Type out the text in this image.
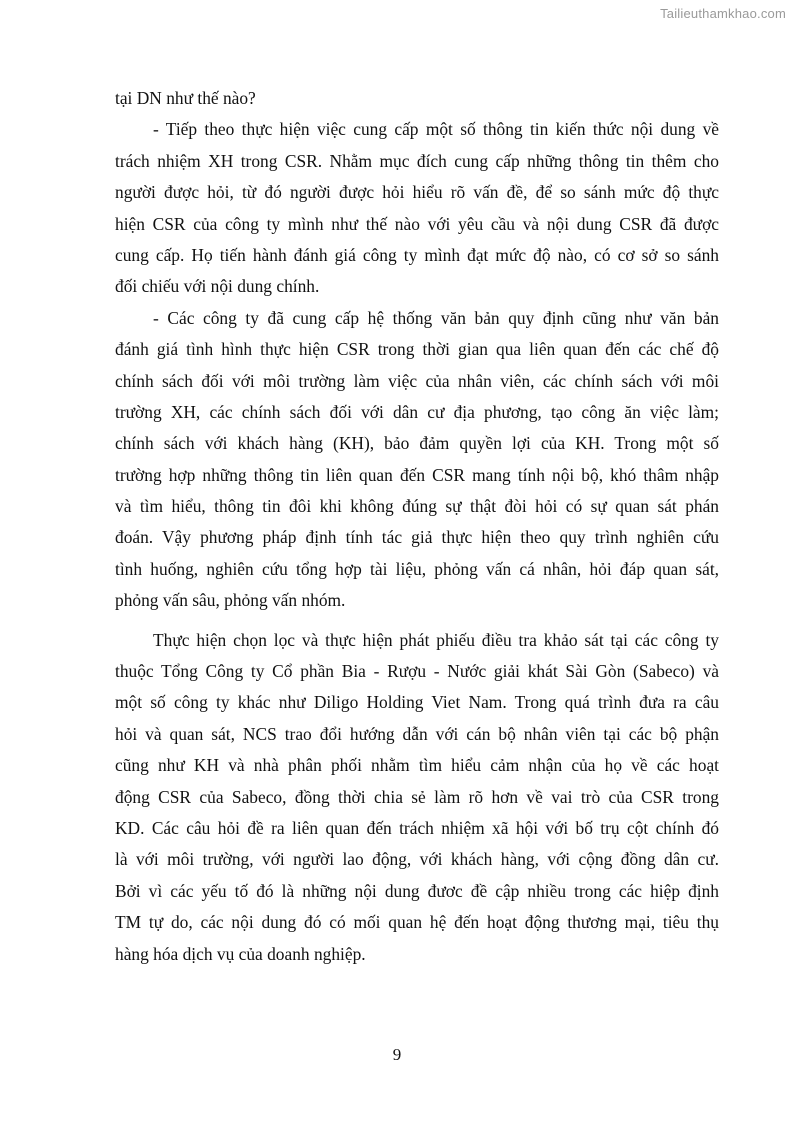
Tailieuthamkhao.com
tại DN như thế nào?
- Tiếp theo thực hiện việc cung cấp một số thông tin kiến thức nội dung về
trách nhiệm XH trong CSR. Nhằm mục đích cung cấp những thông tin thêm cho
người được hỏi, từ đó người được hỏi hiểu rõ vấn đề, để so sánh mức độ thực
hiện CSR của công ty mình như thế nào với yêu cầu và nội dung CSR đã được
cung cấp. Họ tiến hành đánh giá công ty mình đạt mức độ nào, có cơ sở so sánh
đối chiếu với nội dung chính.
- Các công ty đã cung cấp hệ thống văn bản quy định cũng như văn bản
đánh giá tình hình thực hiện CSR trong thời gian qua liên quan đến các chế độ
chính sách đối với môi trường làm việc của nhân viên, các chính sách với môi
trường XH, các chính sách đối với dân cư địa phương, tạo công ăn việc làm;
chính sách với khách hàng (KH), bảo đảm quyền lợi của KH. Trong một số
trường hợp những thông tin liên quan đến CSR mang tính nội bộ, khó thâm nhập
và tìm hiểu, thông tin đôi khi không đúng sự thật đòi hỏi có sự quan sát phán
đoán. Vậy phương pháp định tính tác giả thực hiện theo quy trình nghiên cứu
tình huống, nghiên cứu tổng hợp tài liệu, phỏng vấn cá nhân, hỏi đáp quan sát,
phỏng vấn sâu, phỏng vấn nhóm.
Thực hiện chọn lọc và thực hiện phát phiếu điều tra khảo sát tại các công ty
thuộc Tổng Công ty Cổ phần Bia - Rượu - Nước giải khát Sài Gòn (Sabeco) và
một số công ty khác như Diligo Holding Viet Nam. Trong quá trình đưa ra câu
hỏi và quan sát, NCS trao đổi hướng dẫn với cán bộ nhân viên tại các bộ phận
cũng như KH và nhà phân phối nhằm tìm hiểu cảm nhận của họ về các hoạt
động CSR của Sabeco, đồng thời chia sẻ làm rõ hơn về vai trò của CSR trong
KD. Các câu hỏi đề ra liên quan đến trách nhiệm xã hội với bố trụ cột chính đó
là với môi trường, với người lao động, với khách hàng, với cộng đồng dân cư.
Bởi vì các yếu tố đó là những nội dung đươc đề cập nhiều trong các hiệp định
TM tự do, các nội dung đó có mối quan hệ đến hoạt động thương mại, tiêu thụ
hàng hóa dịch vụ của doanh nghiệp.
9
